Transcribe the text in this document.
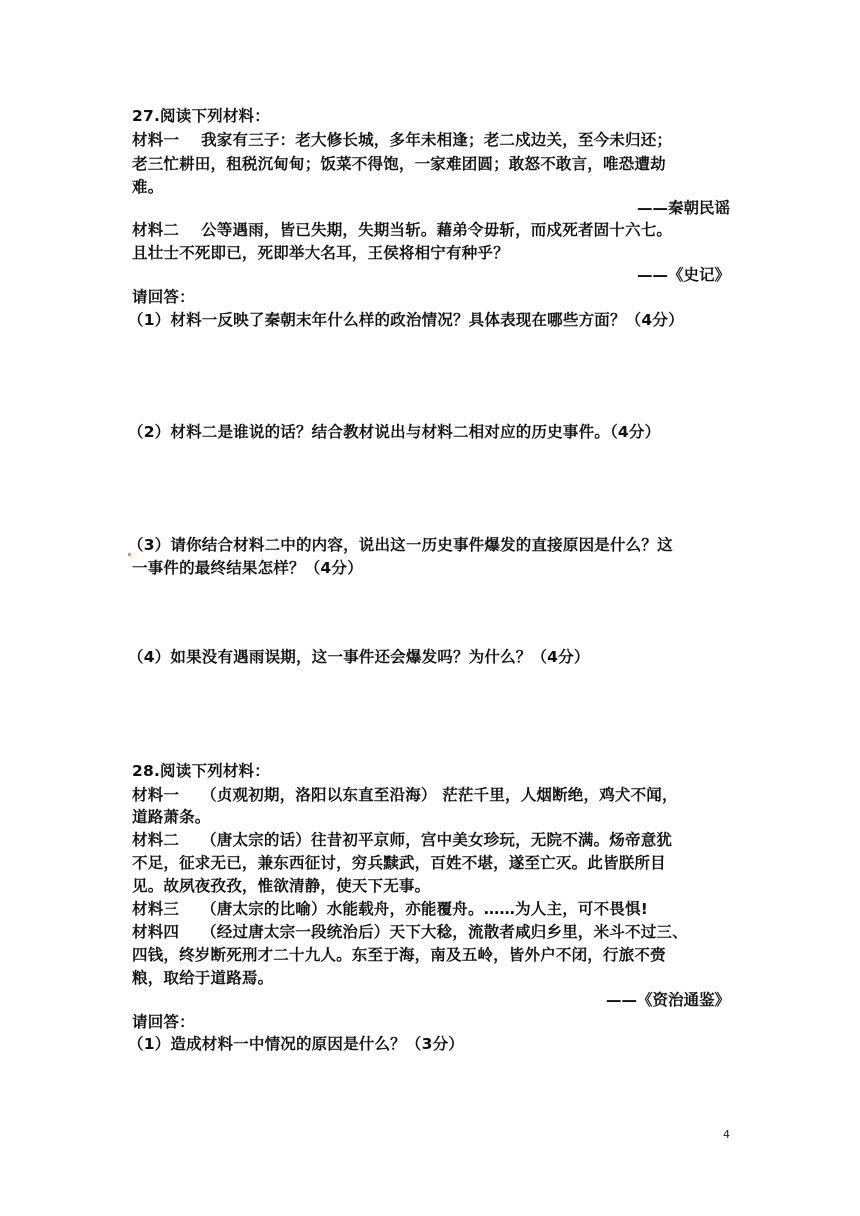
27.阅读下列材料：
材料一 我家有三子：老大修长城，多年未相逢；老二戍边关，至今未归还；
老三忙耕田，租税沉甸甸；饭菜不得饱，一家难团圆；敢怒不敢言，唯恐遭劫
难。
——秦朝民谣
材料二 公等遇雨，皆已失期，失期当斩。藉弟令毋斩，而戍死者固十六七。
且壮士不死即已，死即举大名耳，王侯将相宁有种乎？
——《史记》
请回答：
（1）材料一反映了秦朝末年什么样的政治情况？具体表现在哪些方面？（4分）
（2）材料二是谁说的话？结合教材说出与材料二相对应的历史事件。（4分）
（3）请你结合材料二中的内容，说出这一历史事件爆发的直接原因是什么？这
一事件的最终结果怎样？（4分）
（4）如果没有遇雨误期，这一事件还会爆发吗？为什么？（4分）
28.阅读下列材料：
材料一 （贞观初期，洛阳以东直至沿海） 茫茫千里，人烟断绝，鸡犬不闻，
道路萧条。
材料二 （唐太宗的话）往昔初平京师，宫中美女珍玩，无院不满。炀帝意犹
不足，征求无已，兼东西征讨，穷兵黩武，百姓不堪，遂至亡灭。此皆朕所目
见。故夙夜孜孜，惟欲清静，使天下无事。
材料三 （唐太宗的比喻）水能载舟，亦能覆舟。……为人主，可不畏惧!
材料四 （经过唐太宗一段统治后）天下大稔，流散者咸归乡里，米斗不过三、
四钱，终岁断死刑才二十九人。东至于海，南及五岭，皆外户不闭，行旅不赍
粮，取给于道路焉。
——《资治通鉴》
请回答：
（1）造成材料一中情况的原因是什么？（3分）
4
